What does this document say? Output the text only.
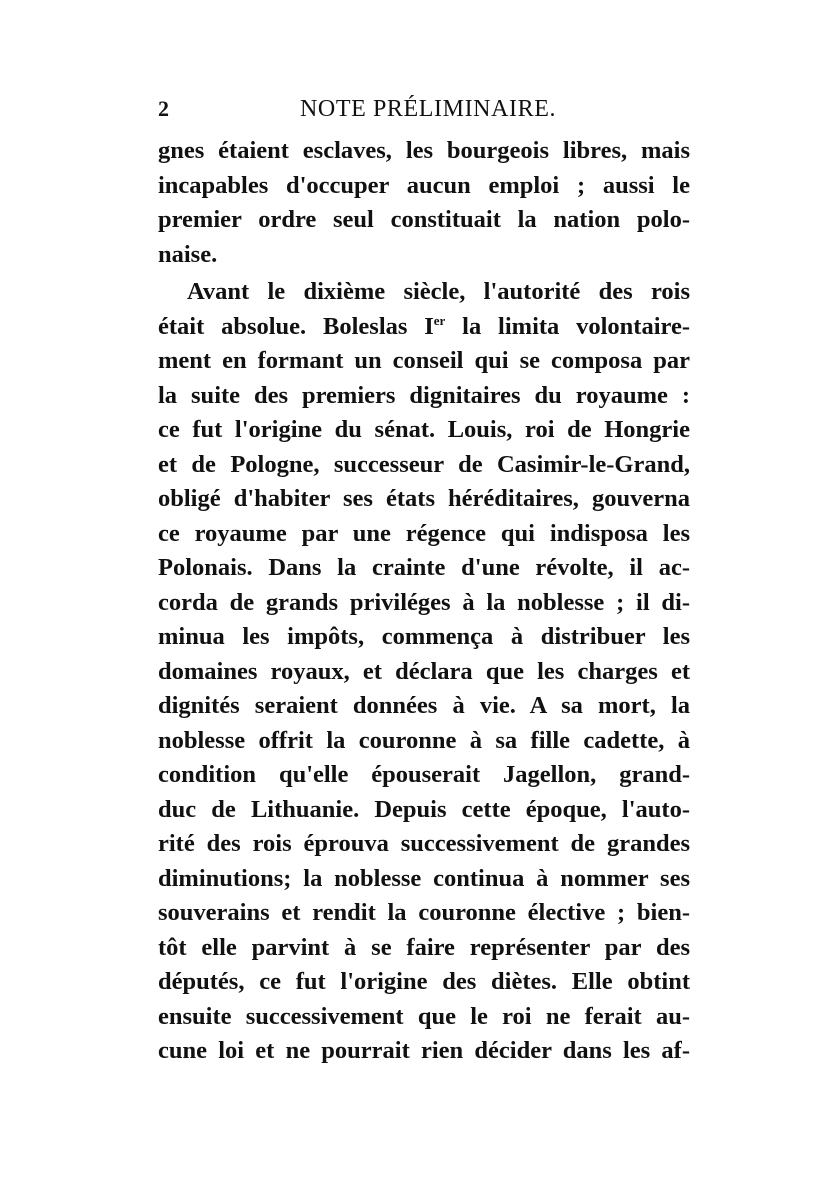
2	NOTE PRÉLIMINAIRE.
gnes étaient esclaves, les bourgeois libres, mais
incapables d'occuper aucun emploi ; aussi le
premier ordre seul constituait la nation polo-
naise.
Avant le dixième siècle, l'autorité des rois
était absolue. Boleslas Ier la limita volontaire-
ment en formant un conseil qui se composa par
la suite des premiers dignitaires du royaume :
ce fut l'origine du sénat. Louis, roi de Hongrie
et de Pologne, successeur de Casimir-le-Grand,
obligé d'habiter ses états héréditaires, gouverna
ce royaume par une régence qui indisposa les
Polonais. Dans la crainte d'une révolte, il ac-
corda de grands priviléges à la noblesse ; il di-
minua les impôts, commença à distribuer les
domaines royaux, et déclara que les charges et
dignités seraient données à vie. A sa mort, la
noblesse offrit la couronne à sa fille cadette, à
condition qu'elle épouserait Jagellon, grand-
duc de Lithuanie. Depuis cette époque, l'auto-
rité des rois éprouva successivement de grandes
diminutions; la noblesse continua à nommer ses
souverains et rendit la couronne élective ; bien-
tôt elle parvint à se faire représenter par des
députés, ce fut l'origine des diètes. Elle obtint
ensuite successivement que le roi ne ferait au-
cune loi et ne pourrait rien décider dans les af-
